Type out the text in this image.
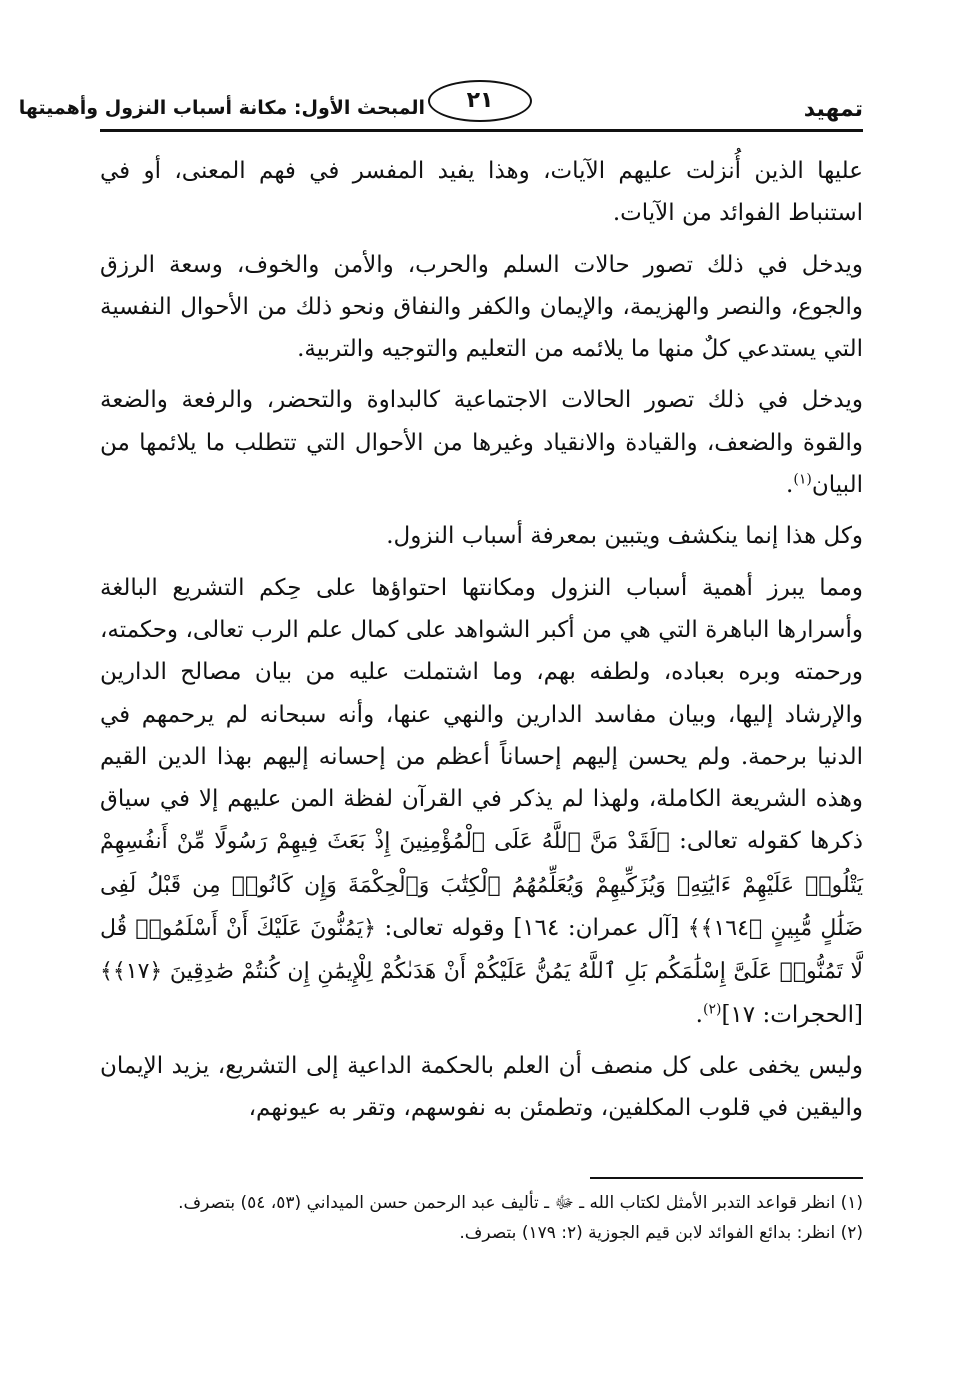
تمهيد
٢١
المبحث الأول: مكانة أسباب النزول وأهميتها

عليها الذين أُنزلت عليهم الآيات، وهذا يفيد المفسر في فهم المعنى، أو في استنباط الفوائد من الآيات.

ويدخل في ذلك تصور حالات السلم والحرب، والأمن والخوف، وسعة الرزق والجوع، والنصر والهزيمة، والإيمان والكفر والنفاق ونحو ذلك من الأحوال النفسية التي يستدعي كلٌ منها ما يلائمه من التعليم والتوجيه والتربية.

ويدخل في ذلك تصور الحالات الاجتماعية كالبداوة والتحضر، والرفعة والضعة والقوة والضعف، والقيادة والانقياد وغيرها من الأحوال التي تتطلب ما يلائمها من البيان$^{(١)}$.

وكل هذا إنما ينكشف ويتبين بمعرفة أسباب النزول.

ومما يبرز أهمية أسباب النزول ومكانتها احتواؤها على حِكم التشريع البالغة وأسرارها الباهرة التي هي من أكبر الشواهد على كمال علم الرب تعالى، وحكمته، ورحمته وبره بعباده، ولطفه بهم، وما اشتملت عليه من بيان مصالح الدارين والإرشاد إليها، وبيان مفاسد الدارين والنهي عنها، وأنه سبحانه لم يرحمهم في الدنيا برحمة. ولم يحسن إليهم إحساناً أعظم من إحسانه إليهم بهذا الدين القيم وهذه الشريعة الكاملة، ولهذا لم يذكر في القرآن لفظة المن عليهم إلا في سياق ذكرها كقوله تعالى: ﴿لَقَدْ مَنَّ ٱللَّهُ عَلَى ٱلْمُؤْمِنِينَ إِذْ بَعَثَ فِيهِمْ رَسُولًا مِّنْ أَنفُسِهِمْ يَتْلُوا۟ عَلَيْهِمْ ءَايَٰتِهِۦ وَيُزَكِّيهِمْ وَيُعَلِّمُهُمُ ٱلْكِتَٰبَ وَٱلْحِكْمَةَ وَإِن كَانُوا۟ مِن قَبْلُ لَفِى ضَلَٰلٍ مُّبِينٍ ﴿١٦٤﴾﴾ [آل عمران: ١٦٤] وقوله تعالى: ﴿يَمُنُّونَ عَلَيْكَ أَنْ أَسْلَمُوا۟ قُل لَّا تَمُنُّوا۟ عَلَىَّ إِسْلَٰمَكُم بَلِ ٱللَّهُ يَمُنُّ عَلَيْكُمْ أَنْ هَدَىٰكُمْ لِلْإِيمَٰنِ إِن كُنتُمْ صَٰدِقِينَ ﴿١٧﴾﴾ [الحجرات: ١٧]$^{(٢)}$.

وليس يخفى على كل منصف أن العلم بالحكمة الداعية إلى التشريع، يزيد الإيمان واليقين في قلوب المكلفين، وتطمئن به نفوسهم، وتقر به عيونهم،

(١) انظر قواعد التدبر الأمثل لكتاب الله ـ ﷻ ـ تأليف عبد الرحمن حسن الميداني (٥٣، ٥٤) بتصرف.

(٢) انظر: بدائع الفوائد لابن قيم الجوزية (٢: ١٧٩) بتصرف.
